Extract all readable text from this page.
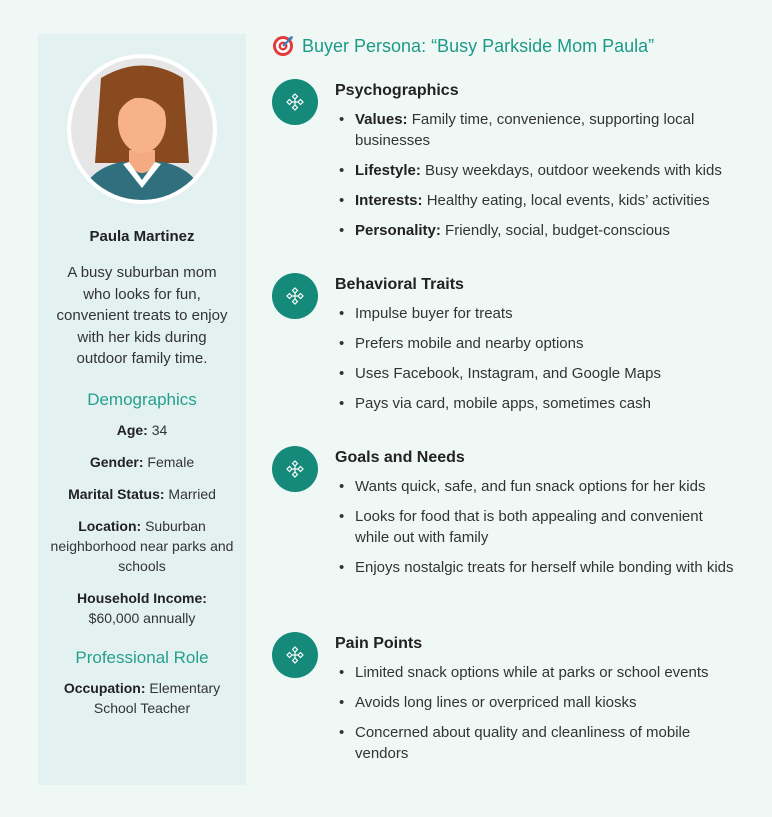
Paula Martinez
A busy suburban mom who looks for fun, convenient treats to enjoy with her kids during outdoor family time.
Demographics
Age: 34
Gender: Female
Marital Status: Married
Location: Suburban neighborhood near parks and schools
Household Income: $60,000 annually
Professional Role
Occupation: Elementary School Teacher
Buyer Persona: “Busy Parkside Mom Paula”
Psychographics
• Values: Family time, convenience, supporting local businesses
• Lifestyle: Busy weekdays, outdoor weekends with kids
• Interests: Healthy eating, local events, kids’ activities
• Personality: Friendly, social, budget-conscious
Behavioral Traits
• Impulse buyer for treats
• Prefers mobile and nearby options
• Uses Facebook, Instagram, and Google Maps
• Pays via card, mobile apps, sometimes cash
Goals and Needs
• Wants quick, safe, and fun snack options for her kids
• Looks for food that is both appealing and convenient while out with family
• Enjoys nostalgic treats for herself while bonding with kids
Pain Points
• Limited snack options while at parks or school events
• Avoids long lines or overpriced mall kiosks
• Concerned about quality and cleanliness of mobile vendors
